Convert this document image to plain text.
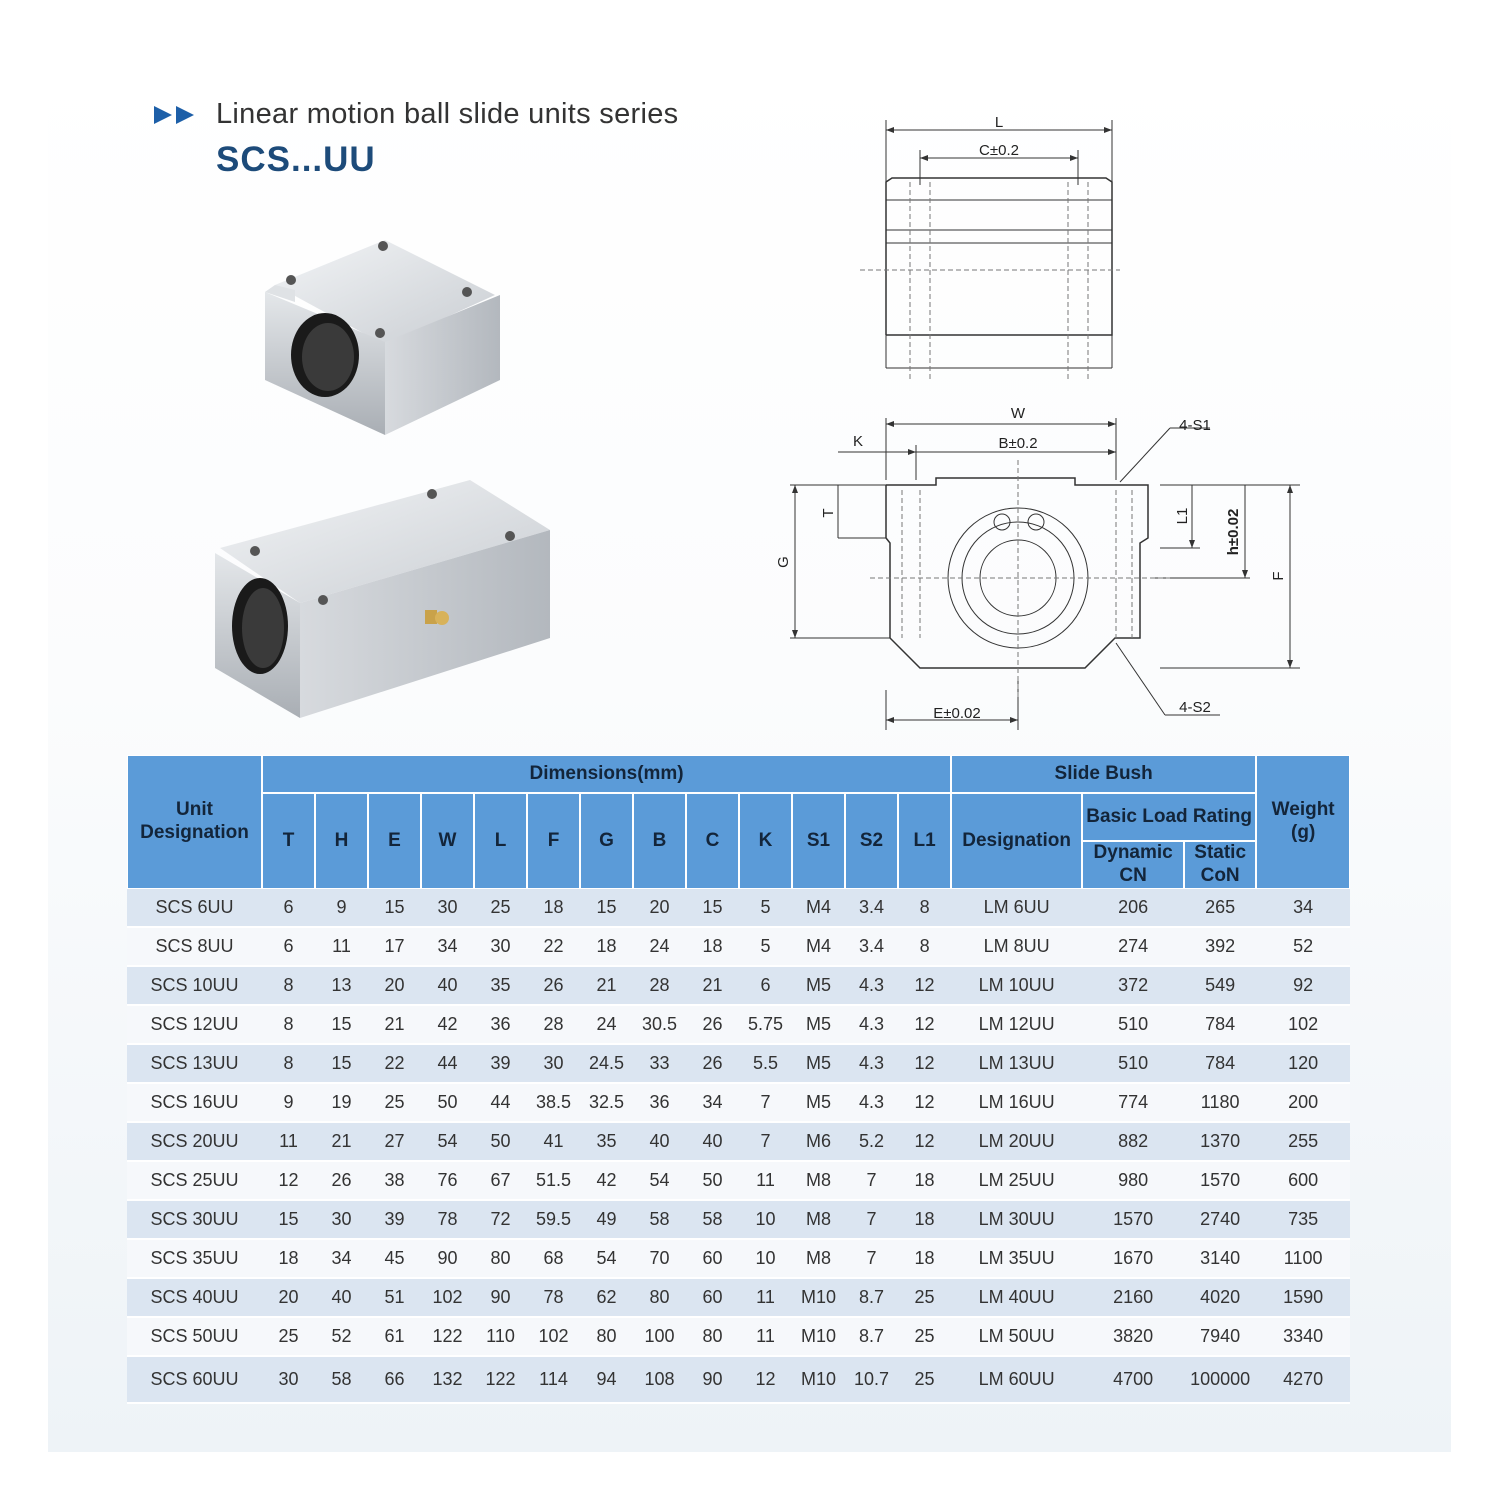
Linear motion ball slide units series
SCS...UU
L
C±0.2
W
B±0.2
K
T
G
L1 h±0.02
F
E±0.02
4-S1
4-S2
Unit Designation	Dimensions(mm)													Slide Bush			Weight (g)
	T	H	E	W	L	F	G	B	C	K	S1	S2	L1	Designation	Basic Load Rating		
															Dynamic CN	Static CoN	
SCS 6UU	6	9	15	30	25	18	15	20	15	5	M4	3.4	8	LM 6UU	206	265	34
SCS 8UU	6	11	17	34	30	22	18	24	18	5	M4	3.4	8	LM 8UU	274	392	52
SCS 10UU	8	13	20	40	35	26	21	28	21	6	M5	4.3	12	LM 10UU	372	549	92
SCS 12UU	8	15	21	42	36	28	24	30.5	26	5.75	M5	4.3	12	LM 12UU	510	784	102
SCS 13UU	8	15	22	44	39	30	24.5	33	26	5.5	M5	4.3	12	LM 13UU	510	784	120
SCS 16UU	9	19	25	50	44	38.5	32.5	36	34	7	M5	4.3	12	LM 16UU	774	1180	200
SCS 20UU	11	21	27	54	50	41	35	40	40	7	M6	5.2	12	LM 20UU	882	1370	255
SCS 25UU	12	26	38	76	67	51.5	42	54	50	11	M8	7	18	LM 25UU	980	1570	600
SCS 30UU	15	30	39	78	72	59.5	49	58	58	10	M8	7	18	LM 30UU	1570	2740	735
SCS 35UU	18	34	45	90	80	68	54	70	60	10	M8	7	18	LM 35UU	1670	3140	1100
SCS 40UU	20	40	51	102	90	78	62	80	60	11	M10	8.7	25	LM 40UU	2160	4020	1590
SCS 50UU	25	52	61	122	110	102	80	100	80	11	M10	8.7	25	LM 50UU	3820	7940	3340
SCS 60UU	30	58	66	132	122	114	94	108	90	12	M10	10.7	25	LM 60UU	4700	100000	4270
